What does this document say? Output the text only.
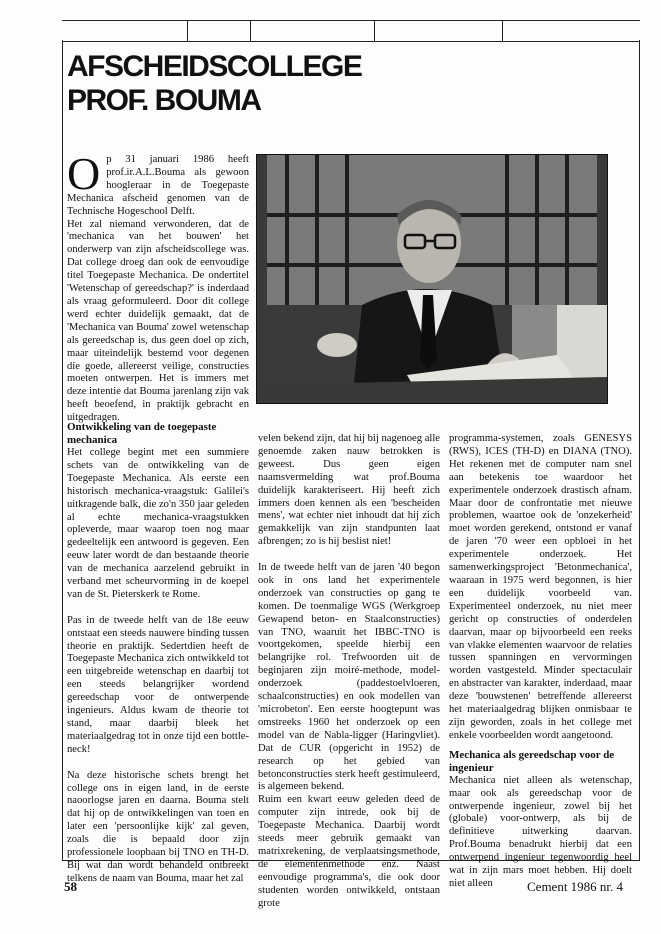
AFSCHEIDSCOLLEGE
PROF. BOUMA

Op 31 januari 1986 heeft prof.ir.A.L.Bouma als gewoon hoogleraar in de Toegepaste Mechanica afscheid genomen van de Technische Hogeschool Delft.

Het zal niemand verwonderen, dat de 'mechanica van het bouwen' het onderwerp van zijn afscheidscollege was. Dat college droeg dan ook de eenvoudige titel Toegepaste Mechanica. De ondertitel 'Wetenschap of gereedschap?' is inderdaad als vraag geformuleerd. Door dit college werd echter duidelijk gemaakt, dat de 'Mechanica van Bouma' zowel wetenschap als gereedschap is, dus geen doel op zich, maar uiteindelijk bestemd voor degenen die goede, allereerst veilige, constructies moeten ontwerpen. Het is immers met deze intentie dat Bouma jarenlang zijn vak heeft beoefend, in praktijk gebracht en uitgedragen.

Ontwikkeling van de toegepaste mechanica

Het college begint met een summiere schets van de ontwikkeling van de Toegepaste Mechanica. Als eerste een historisch mechanica-vraagstuk: Galilei's uitkragende balk, die zo'n 350 jaar geleden al echte mechanica-vraagstukken opleverde, maar waarop toen nog maar gedeeltelijk een antwoord is gegeven. Een eeuw later wordt de dan bestaande theorie van de mechanica aarzelend gebruikt in verband met scheurvorming in de koepel van de St. Pieterskerk te Rome.

Pas in de tweede helft van de 18e eeuw ontstaat een steeds nauwere binding tussen theorie en praktijk. Sedertdien heeft de Toegepaste Mechanica zich ontwikkeld tot een uitgebreide wetenschap en daarbij tot een steeds belangrijker wordend gereedschap voor de ontwerpende ingenieurs. Aldus kwam de theorie tot stand, maar daarbij bleek het materiaalgedrag tot in onze tijd een bottle-neck!

Na deze historische schets brengt het college ons in eigen land, in de eerste naoorlogse jaren en daarna. Bouma stelt dat hij op de ontwikkelingen van toen en later een 'persoonlijke kijk' zal geven, zoals die is bepaald door zijn professionele loopbaan bij TNO en TH-D. Bij wat dan wordt behandeld ontbreekt telkens de naam van Bouma, maar het zal

velen bekend zijn, dat hij bij nagenoeg alle genoemde zaken nauw betrokken is geweest. Dus geen eigen naamsvermelding wat prof.Bouma duidelijk karakteriseert. Hij heeft zich immers doen kennen als een 'bescheiden mens', wat echter niet inhoudt dat hij zich gemakkelijk van zijn standpunten laat afbrengen; zo is hij beslist niet!

In de tweede helft van de jaren '40 begon ook in ons land het experimentele onderzoek van constructies op gang te komen. De toenmalige WGS (Werkgroep Gewapend beton- en Staalconstructies) van TNO, waaruit het IBBC-TNO is voortgekomen, speelde hierbij een belangrijke rol. Trefwoorden uit de beginjaren zijn moiré-methode, model-onderzoek (paddestoelvloeren, schaalconstructies) en ook modellen van 'microbeton'. Een eerste hoogtepunt was omstreeks 1960 het onderzoek op een model van de Nabla-ligger (Haringvliet). Dat de CUR (opgericht in 1952) de research op het gebied van betonconstructies sterk heeft gestimuleerd, is algemeen bekend.

Ruim een kwart eeuw geleden deed de computer zijn intrede, ook bij de Toegepaste Mechanica. Daarbij wordt steeds meer gebruik gemaakt van matrixrekening, de verplaatsingsmethode, de elementenmethode enz. Naast eenvoudige programma's, die ook door studenten worden ontwikkeld, ontstaan grote

programma-systemen, zoals GENESYS (RWS), ICES (TH-D) en DIANA (TNO). Het rekenen met de computer nam snel aan betekenis toe waardoor het experimentele onderzoek drastisch afnam. Maar door de confrontatie met nieuwe problemen, waartoe ook de 'onzekerheid' moet worden gerekend, ontstond er vanaf de jaren '70 weer een opbloei in het experimentele onderzoek. Het samenwerkingsproject 'Betonmechanica', waaraan in 1975 werd begonnen, is hier een duidelijk voorbeeld van. Experimenteel onderzoek, nu niet meer gericht op constructies of onderdelen daarvan, maar op bijvoorbeeld een reeks van vlakke elementen waarvoor de relaties tussen spanningen en vervormingen worden vastgesteld. Minder spectaculair en abstracter van karakter, inderdaad, maar deze 'bouwstenen' betreffende allereerst het materiaalgedrag blijken onmisbaar te zijn geworden, zoals in het college met enkele voorbeelden wordt aangetoond.

Mechanica als gereedschap voor de ingenieur

Mechanica niet alleen als wetenschap, maar ook als gereedschap voor de ontwerpende ingenieur, zowel bij het (globale) voor-ontwerp, als bij de definitieve uitwerking daarvan. Prof.Bouma benadrukt hierbij dat een ontwerpend ingenieur tegenwoordig heel wat in zijn mars moet hebben. Hij doelt niet alleen

58	Cement 1986 nr. 4
